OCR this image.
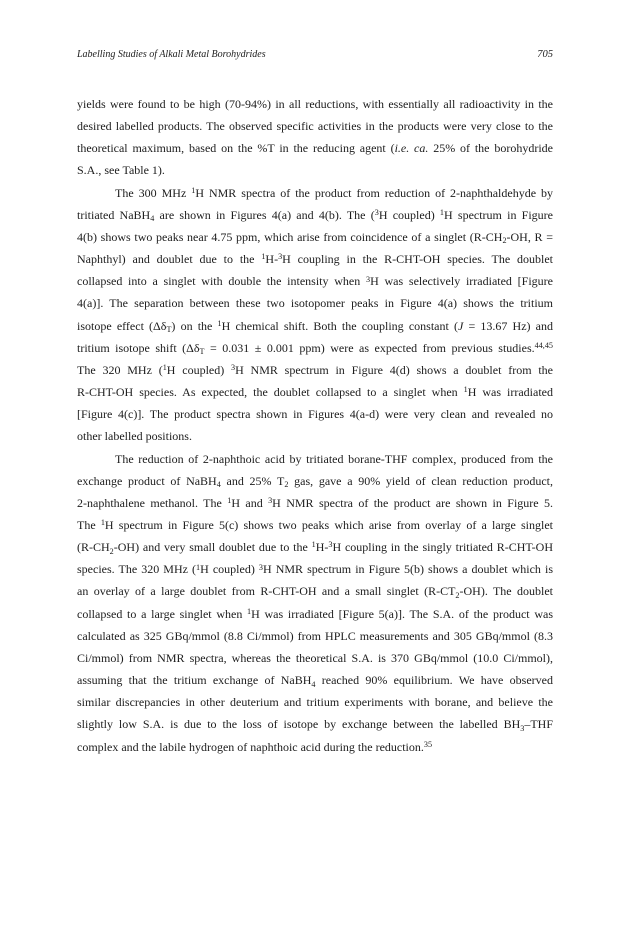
Labelling Studies of Alkali Metal Borohydrides	705
yields were found to be high (70-94%) in all reductions, with essentially all radioactivity in the
desired labelled products. The observed specific activities in the products were very close to the
theoretical maximum, based on the %T in the reducing agent (i.e. ca. 25% of the borohydride
S.A., see Table 1).
The 300 MHz $^1$H NMR spectra of the product from reduction of 2-naphthaldehyde by
tritiated NaBH$_4$ are shown in Figures 4(a) and 4(b). The ($^3$H coupled) $^1$H spectrum in Figure
4(b) shows two peaks near 4.75 ppm, which arise from coincidence of a singlet ($R-CH_2-OH$, R =
Naphthyl) and doublet due to the $^1$H-$^3$H coupling in the R-CHT-OH species. The doublet
collapsed into a singlet with double the intensity when $^3$H was selectively irradiated [Figure
4(a)]. The separation between these two isotopomer peaks in Figure 4(a) shows the tritium
isotope effect $(\Delta\delta_T)$ on the $^1$H chemical shift. Both the coupling constant (J = 13.67 Hz) and
tritium isotope shift ($\Delta\delta_T = 0.031 \pm 0.001$ ppm) were as expected from previous studies.$^{44,45}$
The 320 MHz ($^1$H coupled) $^3$H NMR spectrum in Figure 4(d) shows a doublet from the
R-CHT-OH species. As expected, the doublet collapsed to a singlet when $^1$H was irradiated
[Figure 4(c)]. The product spectra shown in Figures 4(a-d) were very clean and revealed no
other labelled positions.
The reduction of 2-naphthoic acid by tritiated borane-THF complex, produced from the
exchange product of NaBH$_4$ and 25% $T_2$ gas, gave a 90% yield of clean reduction product,
2-naphthalene methanol. The $^1$H and $^3$H NMR spectra of the product are shown in Figure 5.
The $^1$H spectrum in Figure 5(c) shows two peaks which arise from overlay of a large singlet
$(R-CH_2-OH)$ and very small doublet due to the $^1$H-$^3$H coupling in the singly tritiated R-CHT-OH
species. The 320 MHz ($^1$H coupled) $^3$H NMR spectrum in Figure 5(b) shows a doublet which is
an overlay of a large doublet from R-CHT-OH and a small singlet $(R-CT_2-OH)$. The doublet
collapsed to a large singlet when $^1$H was irradiated [Figure 5(a)]. The S.A. of the product was
calculated as 325 GBq/mmol (8.8 Ci/mmol) from HPLC measurements and 305 GBq/mmol (8.3
Ci/mmol) from NMR spectra, whereas the theoretical S.A. is 370 GBq/mmol (10.0 Ci/mmol),
assuming that the tritium exchange of NaBH$_4$ reached 90% equilibrium. We have observed
similar discrepancies in other deuterium and tritium experiments with borane, and believe the
slightly low S.A. is due to the loss of isotope by exchange between the labelled $BH_3$–THF
complex and the labile hydrogen of naphthoic acid during the reduction.$^{35}$
